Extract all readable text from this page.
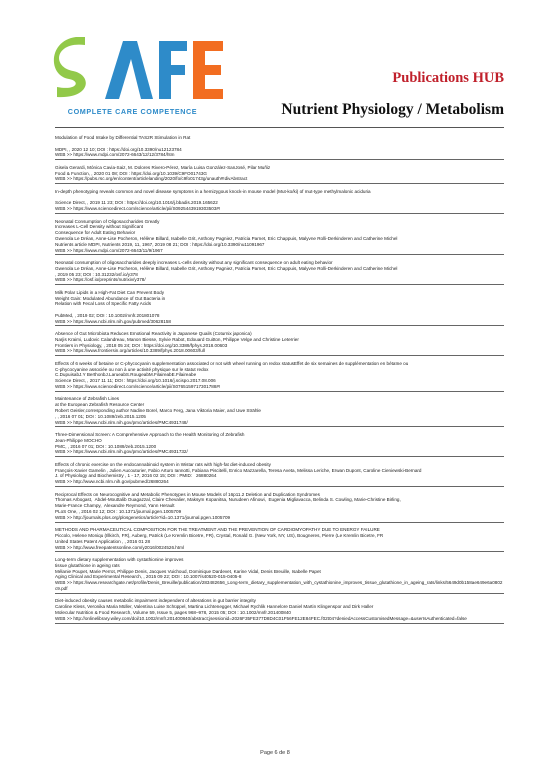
COMPLETE CARE COMPETENCE
Publications HUB
Nutrient Physiology / Metabolism
Modulation of Food Intake by Differential TAS2R Stimulation in Rat

MDPI, , 2020 12 10; DOI : https://doi.org/10.3390/nu12123784
WEB >> https://www.mdpi.com/2072-6643/12/12/3784/htm
Gisela Gerardi, Mónica Cavia-Saiz, M. Dolores Rivero-Pérez, María Luisa González-SanJosé, Pilar Muñiz
Food & Function, , 2020 01 08; DOI : https://doi.org/10.1039/C9FO01743G
WEB >> https://pubs.rsc.org/en/content/articlelanding/2020/fo/c9fo01743g/unauth#!divAbstract
In-depth phenotyping reveals common and novel disease symptoms in a hemizygous knock-in mouse model (Mut-ko/ki) of mut-type methylmalonic aciduria

Science Direct, , 2019 11 23; DOI : https://doi.org/10.1016/j.bbadis.2019.165622
WEB >> https://www.sciencedirect.com/science/article/pii/S0925443919303503#!
Neonatal Consumption of Oligosaccharides Greatly
Increases L-Cell Density without Significant
Consequence for Adult Eating Behavior
Gwenola Le Dréan, Anne-Lise Pocheron, Hélène Billard, Isabelle Grit, Anthony Pagniez, Patricia Parnet, Eric Chappuis, Malyvne Rolli-Derkinderen and Catherine Michel
Nutrients article MDPI, Nutrients 2019, 11, 1967, 2019 08 21; DOI : https://doi.org/10.3390/nu11091967
WEB >> https://www.mdpi.com/2072-6643/11/9/1967
Neonatal consumption of oligosaccharides deeply increases L-cells density without any significant consequence on adult eating behavior
Gwenola Le Dréan, Anne-Lise Pocheron, Hélène Billard, Isabelle Grit, Anthony Pagniez, Patricia Parnet, Eric Chappuis, Malyvne Rolli-Derkinderen and Catherine Michel
, 2019 05 23; DOI : 10.31232/osf.io/y378
WEB >> https://osf.io/preprints/nutrixiv/y378/
Milk Polar Lipids in a High-Fat Diet Can Prevent Body
Weight Gain: Modulated Abundance of Gut Bacteria in
Relation with Fecal Loss of Specific Fatty Acids

PubMed, , 2019 02; DOI : 10.1002/mnfr.201801078
WEB >> https://www.ncbi.nlm.nih.gov/pubmed/30628158
Absence of Gut Microbiota Reduces Emotional Reactivity in Japanese Quails (Coturnix japonica)
Narjis Kraimi, Ludovic Calandreau, Manon Biesse, Sylvie Rabot, Edouard Guitton, Philippe Velge and Christine Leterrier
Frontiers in Physiology, , 2018 05 24; DOI : https://doi.org/10.3389/fphys.2018.00603
WEB >> https://www.frontiersin.org/articles/10.3389/fphys.2018.00603/full
Effects of 6 weeks of betaine or C-phycocyanin supplementation associated or not with wheel running on redox statusEffet de six semaines de supplémentation en bétaïne ou
C-phycocyanine associée ou non à une activité physique sur le statut redox
C.DupuisabJ.Y BerthonbJ.LarueabS.RougeabM.FilaireabE.Filaireabe
Science Direct, , 2017 11 11; DOI : https://doi.org/10.1016/j.scispo.2017.08.006
WEB >> https://www.sciencedirect.com/science/article/pii/S0765159717301788#!
Maintenance of Zebrafish Lines
at the European Zebrafish Resource Center
Robert Geisler,corresponding author Nadine Borel, Marco Ferg, Jana Viktoria Maier, and Uwe Strähle
, , 2016 07 01; DOI : 10.1089/zeb.2015.1205
WEB >> https://www.ncbi.nlm.nih.gov/pmc/articles/PMC4931748/
Three-Dimensional Screen: A Comprehensive Approach to the Health Monitoring of Zebrafish
Jean-Philippe MOCHO
PMC, , 2016 07 01; DOI : 10.1089/zeb.2015.1200
WEB >> https://www.ncbi.nlm.nih.gov/pmc/articles/PMC4931732/
Effects of chronic exercise on the endocannabinoid system in Wistar rats with high-fat diet-induced obesity
François-Xavier Gamelin , Julien Aucouturier, Fabio Arturo Iannotti, Fabiana Piscitelli, Enrico Mazzarella, Teresa Aveta, Melissa Leriche, Erwan Dupont, Caroline Cieniewski-Bernard
J. of Physiology and Biochemistry , 1 - 17, 2016 02 15; DOI : PMID:   26880264
WEB >> http://www.ncbi.nlm.nih.gov/pubmed/26880264
Reciprocal Effects on Neurocognitive and Metabolic Phenotypes in Mouse Models of 16p11.2 Deletion and Duplication Syndromes
Thomas Arbogast,  Abdel-Mouttalib Ouagazzal, Claire Chevalier, Maksym Kopanitsa, Nurudeen Afinowi,  Eugenia Migliavacca, Belinda S. Cowling, Marie-Christine Birling,
Marie-France Champy,  Alexandre Reymond, Yann Herault
PLoS One, , 2016 02 12; DOI : 10.1371/journal.pgen.1005709
WEB >> http://journals.plos.org/plosgenetics/article?id=10.1371/journal.pgen.1005709
METHODS AND PHARMACEUTICAL COMPOSITION FOR THE TREATMENT AND THE PREVENTION OF CARDIOMYOPATHY DUE TO ENERGY FAILURE
Piccolo, Helene Moniqu (Illkirch, FR), Auberg, Patrick (Le Kremlin Bicetre, FR), Crystal, Ronald G. (New York, NY, US), Bougneres, Pierre (Le Kremlin Bicetre, FR
United States Patent Application , , 2016 01 28
WEB >> http://www.freepatentsonline.com/y2016/0024526.html
Long-term dietary supplementation with cystathionine improves
tissue glutathione in ageing rats
Mélanie Poupet, Marie Perrot, Philippe Denis, Jacques Vuichoud, Dominique Dardevet, Karine Vidal, Denis Breuille, Isabelle Papet
Aging Clinical and Experimental Research, , 2015 09 22; DOI : 10.1007/s40520-015-0405-8
WEB >> https://www.researchgate.net/profile/Denis_Breuille/publication/283482656_Long-term_dietary_supplementation_with_cystathionine_improves_tissue_glutathione_in_ageing_rats/links/5649d0b158ae649e6a0802c9.pdf
Diet-induced obesity causes metabolic impairment independent of alterations in gut barrier integrity
Caroline Kless, Veronika Maria Müller, Valentina Luise Schüppel, Martina Lichtenegger, Michael Rychlik Hannelore Daniel Martin Klingenspor and Dirk Haller
Molecular Nutrition & Food Research, Volume 59, Issue 5, pages 968–978, 2015 05; DOI : 10.1002/mnfr.201400840
WEB >> http://onlinelibrary.wiley.com/doi/10.1002/mnfr.201400840/abstract;jsessionid=2026F35FE377D8D4C01F56FE12E84FEC.f02t04?deniedAccessCustomisedMessage=&userIsAuthenticated=false
Page 6 de 8
